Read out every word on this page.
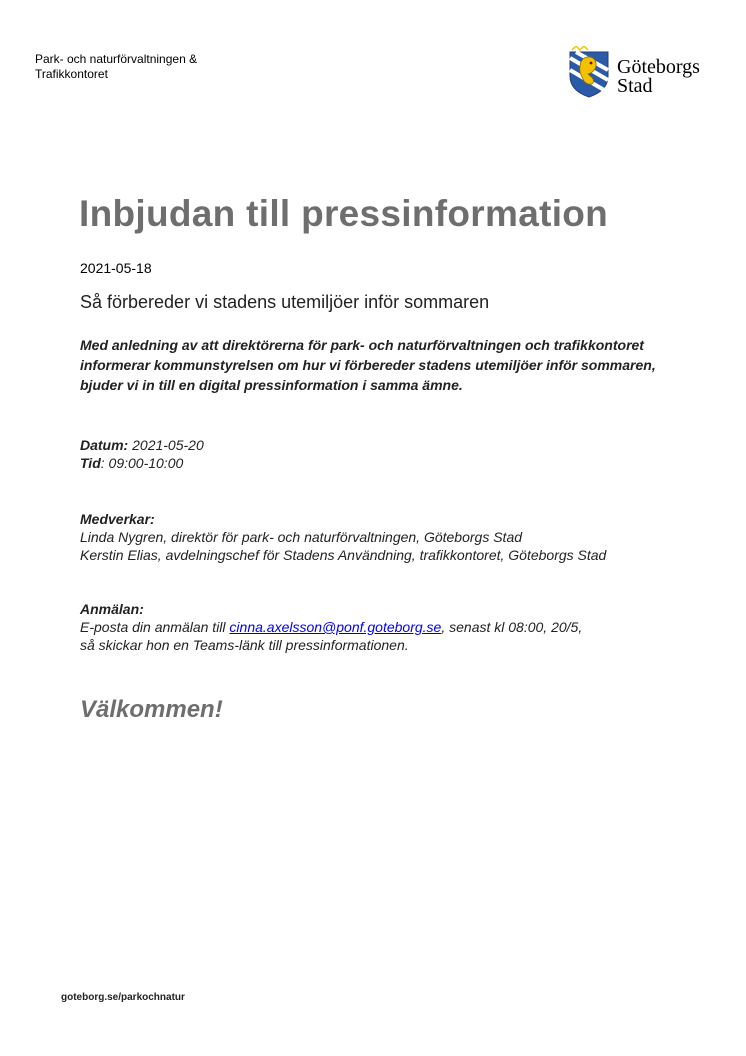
Park- och naturförvaltningen &
Trafikkontoret	Göteborgs
Stad
Inbjudan till pressinformation
2021-05-18
Så förbereder vi stadens utemiljöer inför sommaren
Med anledning av att direktörerna för park- och naturförvaltningen och trafikkontoret informerar kommunstyrelsen om hur vi förbereder stadens utemiljöer inför sommaren, bjuder vi in till en digital pressinformation i samma ämne.
Datum: 2021-05-20
Tid: 09:00-10:00
Medverkar:
Linda Nygren, direktör för park- och naturförvaltningen, Göteborgs Stad
Kerstin Elias, avdelningschef för Stadens Användning, trafikkontoret, Göteborgs Stad
Anmälan:
E-posta din anmälan till cinna.axelsson@ponf.goteborg.se, senast kl 08:00, 20/5,
så skickar hon en Teams-länk till pressinformationen.
Välkommen!
goteborg.se/parkochnatur
